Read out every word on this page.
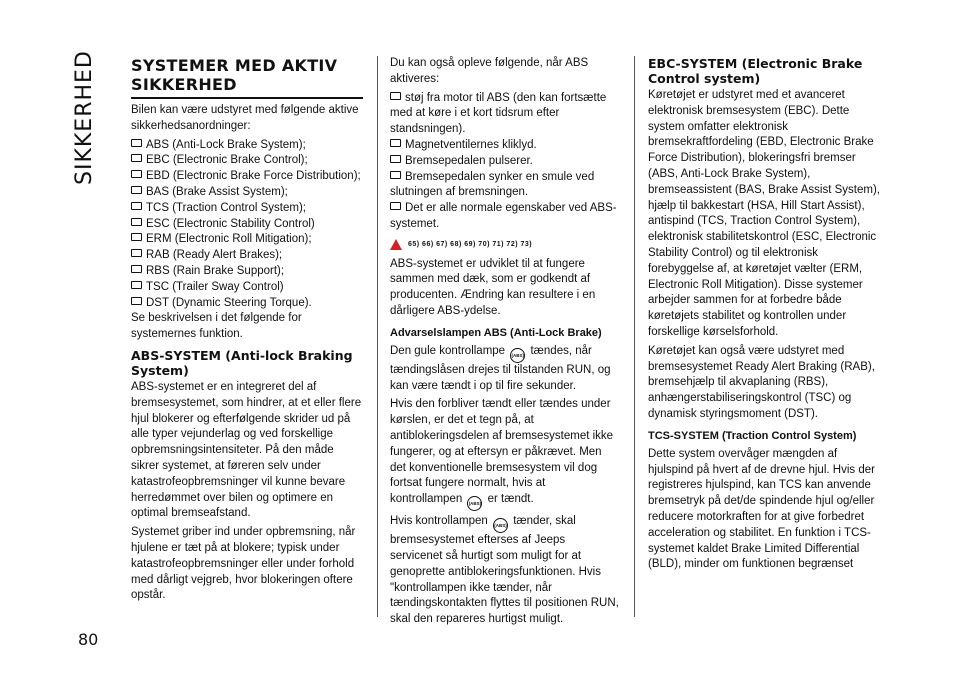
SIKKERHED
80
SYSTEMER MED AKTIV SIKKERHED

Bilen kan være udstyret med følgende aktive sikkerhedsanordninger:

ABS (Anti-Lock Brake System);
EBC (Electronic Brake Control);
EBD (Electronic Brake Force Distribution);
BAS (Brake Assist System);
TCS (Traction Control System);
ESC (Electronic Stability Control)
ERM (Electronic Roll Mitigation);
RAB (Ready Alert Brakes);
RBS (Rain Brake Support);
TSC (Trailer Sway Control)
DST (Dynamic Steering Torque).

Se beskrivelsen i det følgende for systemernes funktion.

ABS-SYSTEM (Anti-lock Braking System)

ABS-systemet er en integreret del af bremsesystemet, som hindrer, at et eller flere hjul blokerer og efterfølgende skrider ud på alle typer vejunderlag og ved forskellige opbremsningsintensiteter. På den måde sikrer systemet, at føreren selv under katastrofeopbremsninger vil kunne bevare herredømmet over bilen og optimere en optimal bremseafstand.

Systemet griber ind under opbremsning, når hjulene er tæt på at blokere; typisk under katastrofeopbremsninger eller under forhold med dårligt vejgreb, hvor blokeringen oftere opstår.

Du kan også opleve følgende, når ABS aktiveres:

støj fra motor til ABS (den kan fortsætte med at køre i et kort tidsrum efter standsningen).
Magnetventilernes kliklyd.
Bremsepedalen pulserer.
Bremsepedalen synker en smule ved slutningen af bremsningen.
Det er alle normale egenskaber ved ABS-systemet.
65) 66) 67) 68) 69) 70) 71) 72) 73)

ABS-systemet er udviklet til at fungere sammen med dæk, som er godkendt af producenten. Ændring kan resultere i en dårligere ABS-ydelse.

Advarselslampen ABS (Anti-Lock Brake)

Den gule kontrollampe (ABS) tændes, når tændingslåsen drejes til tilstanden RUN, og kan være tændt i op til fire sekunder.

Hvis den forbliver tændt eller tændes under kørslen, er det et tegn på, at antiblokeringsdelen af bremsesystemet ikke fungerer, og at eftersyn er påkrævet. Men det konventionelle bremsesystem vil dog fortsat fungere normalt, hvis at kontrollampen (ABS) er tændt.

Hvis kontrollampen (ABS) tænder, skal bremsesystemet efterses af Jeeps servicenet så hurtigt som muligt for at genoprette antiblokeringsfunktionen. Hvis "kontrollampen ikke tænder, når tændingskontakten flyttes til positionen RUN, skal den repareres hurtigst muligt.

EBC-SYSTEM (Electronic Brake Control system)

Køretøjet er udstyret med et avanceret elektronisk bremsesystem (EBC). Dette system omfatter elektronisk bremsekraftfordeling (EBD, Electronic Brake Force Distribution), blokeringsfri bremser (ABS, Anti-Lock Brake System), bremseassistent (BAS, Brake Assist System), hjælp til bakkestart (HSA, Hill Start Assist), antispind (TCS, Traction Control System), elektronisk stabilitetskontrol (ESC, Electronic Stability Control) og til elektronisk forebyggelse af, at køretøjet vælter (ERM, Electronic Roll Mitigation). Disse systemer arbejder sammen for at forbedre både køretøjets stabilitet og kontrollen under forskellige kørselsforhold.

Køretøjet kan også være udstyret med bremsesystemet Ready Alert Braking (RAB), bremsehjælp til akvaplaning (RBS), anhængerstabiliseringskontrol (TSC) og dynamisk styringsmoment (DST).

TCS-SYSTEM (Traction Control System)

Dette system overvåger mængden af hjulspind på hvert af de drevne hjul. Hvis der registreres hjulspind, kan TCS kan anvende bremsetryk på det/de spindende hjul og/eller reducere motorkraften for at give forbedret acceleration og stabilitet. En funktion i TCS-systemet kaldet Brake Limited Differential (BLD), minder om funktionen begrænset
